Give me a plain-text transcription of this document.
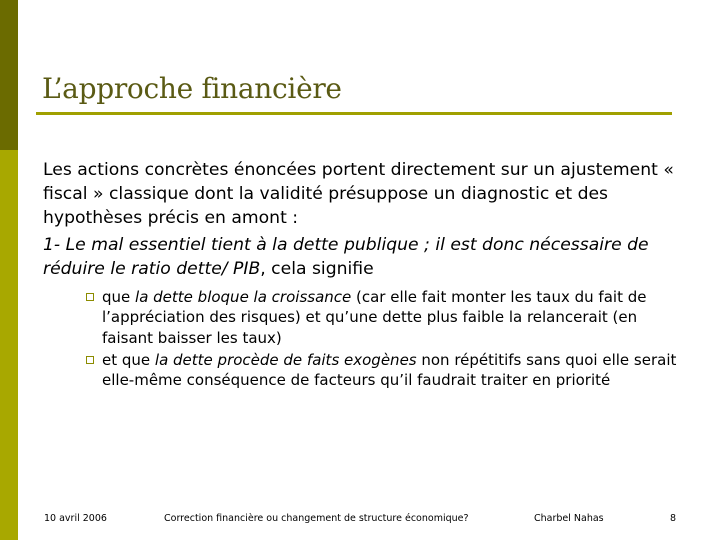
L’approche financière

Les actions concrètes énoncées portent directement sur un ajustement « fiscal » classique dont la validité présuppose un diagnostic et des hypothèses précis en amont :

1- Le mal essentiel tient à la dette publique ; il est donc nécessaire de réduire le ratio dette/ PIB, cela signifie

que la dette bloque la croissance (car elle fait monter les taux du fait de l’appréciation des risques) et qu’une dette plus faible la relancerait (en faisant baisser les taux)
et que la dette procède de faits exogènes non répétitifs sans quoi elle serait elle-même conséquence de facteurs qu’il faudrait traiter en priorité
10 avril 2006	Correction financière ou changement de structure économique?	Charbel Nahas	8
